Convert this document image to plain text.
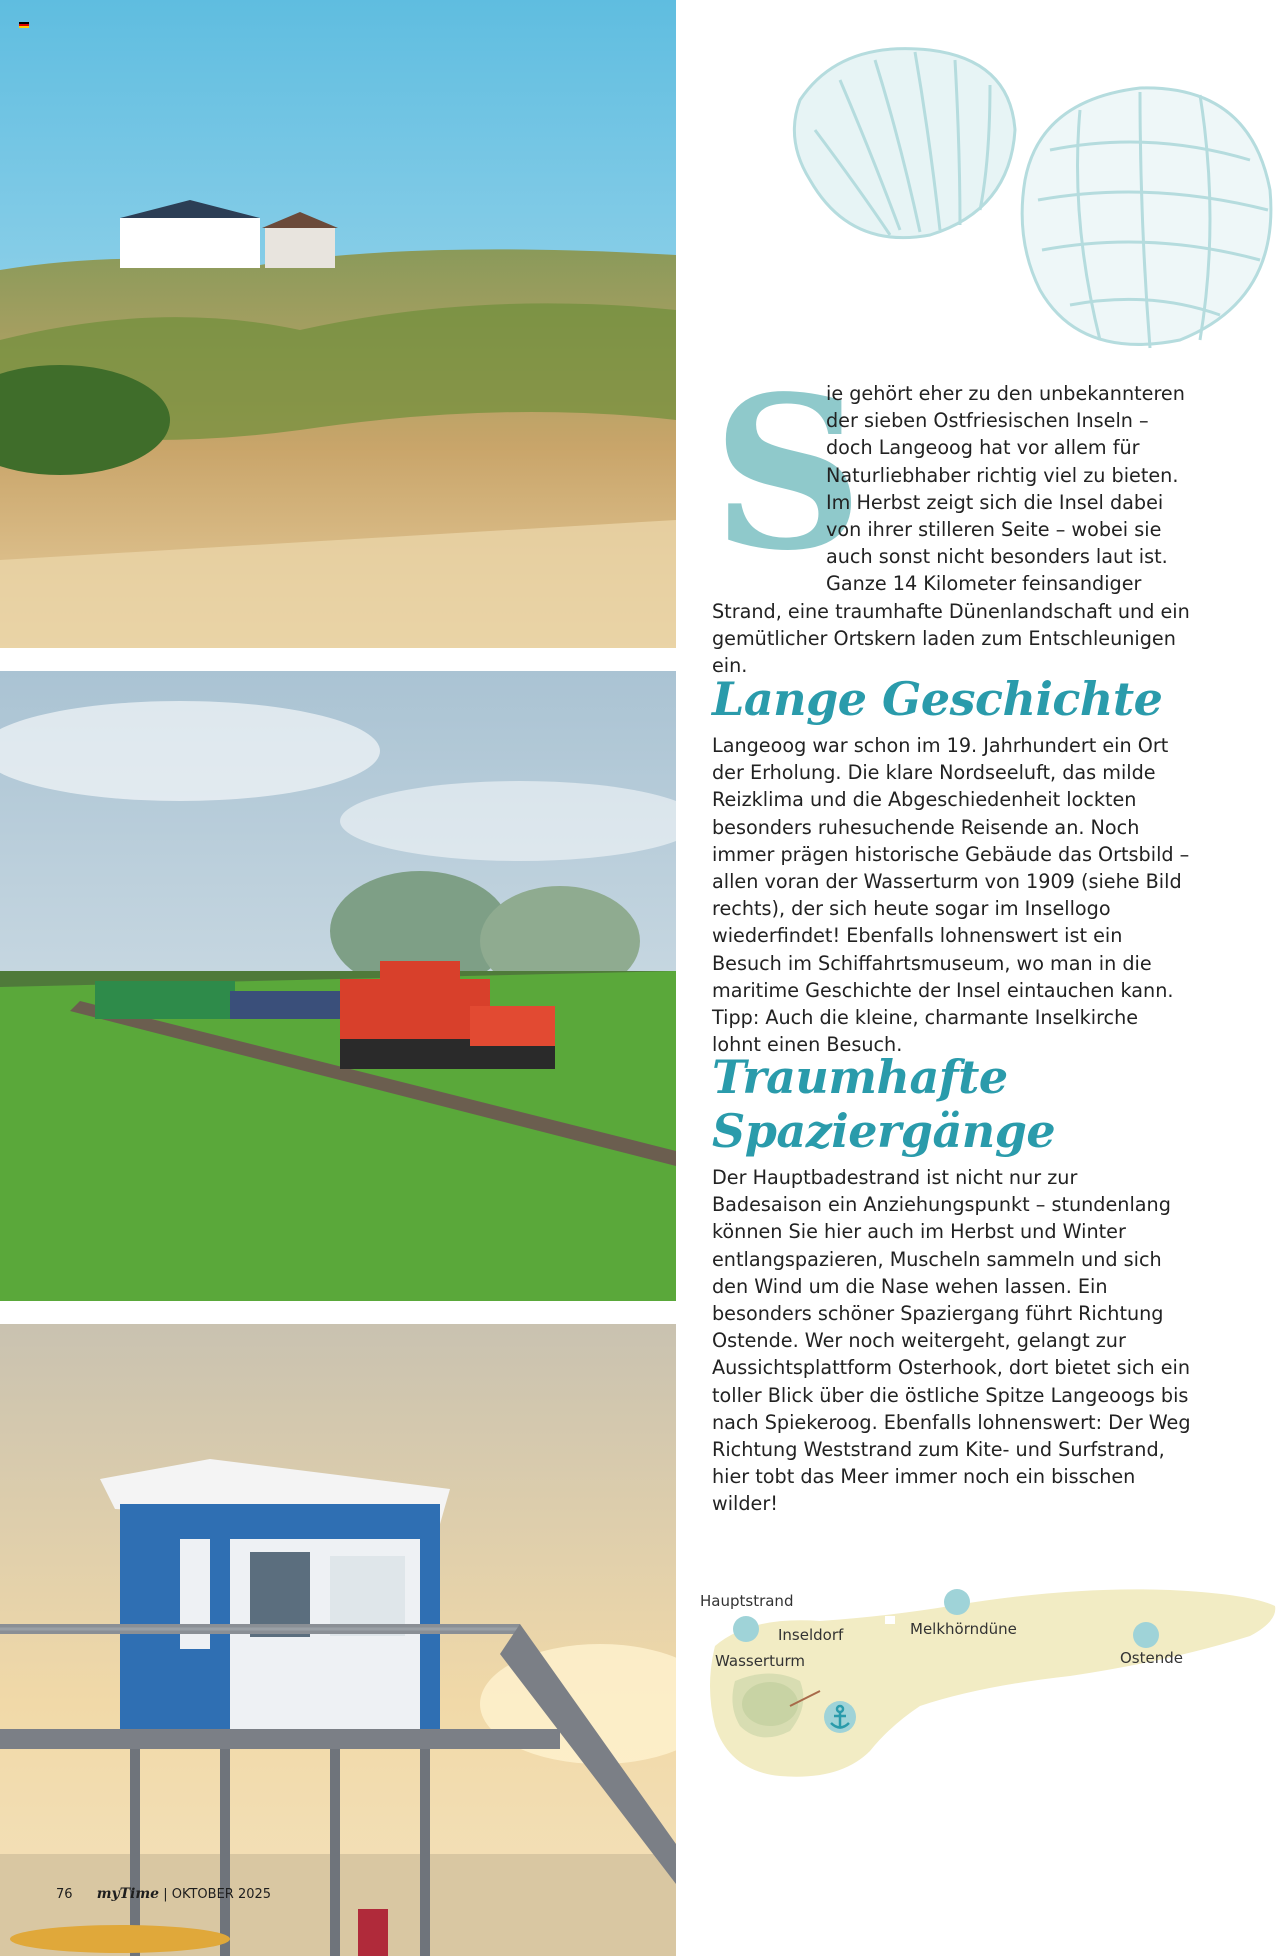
S
ie gehört eher zu den unbekannteren der sieben Ostfriesischen Inseln – doch Langeoog hat vor allem für Naturliebhaber richtig viel zu bieten. Im Herbst zeigt sich die Insel dabei von ihrer stilleren Seite – wobei sie auch sonst nicht besonders laut ist. Ganze 14 Kilometer feinsandiger Strand, eine traumhafte Dünenlandschaft und ein gemütlicher Ortskern laden zum Entschleunigen ein.

Lange Geschichte

Langeoog war schon im 19. Jahrhundert ein Ort der Erholung. Die klare Nordseeluft, das milde Reizklima und die Abgeschiedenheit lockten besonders ruhesuchende Reisende an. Noch immer prägen historische Gebäude das Ortsbild – allen voran der Wasserturm von 1909 (siehe Bild rechts), der sich heute sogar im Insellogo wiederfindet! Ebenfalls lohnenswert ist ein Besuch im Schiffahrtsmuseum, wo man in die maritime Geschichte der Insel eintauchen kann. Tipp: Auch die kleine, charmante Inselkirche lohnt einen Besuch.

Traumhafte
Spaziergänge

Der Hauptbadestrand ist nicht nur zur Badesaison ein Anziehungspunkt – stundenlang können Sie hier auch im Herbst und Winter entlangspazieren, Muscheln sammeln und sich den Wind um die Nase wehen lassen. Ein besonders schöner Spaziergang führt Richtung Ostende. Wer noch weitergeht, gelangt zur Aussichtsplattform Osterhook, dort bietet sich ein toller Blick über die östliche Spitze Langeoogs bis nach Spiekeroog. Ebenfalls lohnenswert: Der Weg Richtung Weststrand zum Kite- und Surfstrand, hier tobt das Meer immer noch ein bisschen wilder!

Hauptstrand
Inseldorf
Wasserturm
Melkhörndüne
Ostende
76 myTime | OKTOBER 2025
